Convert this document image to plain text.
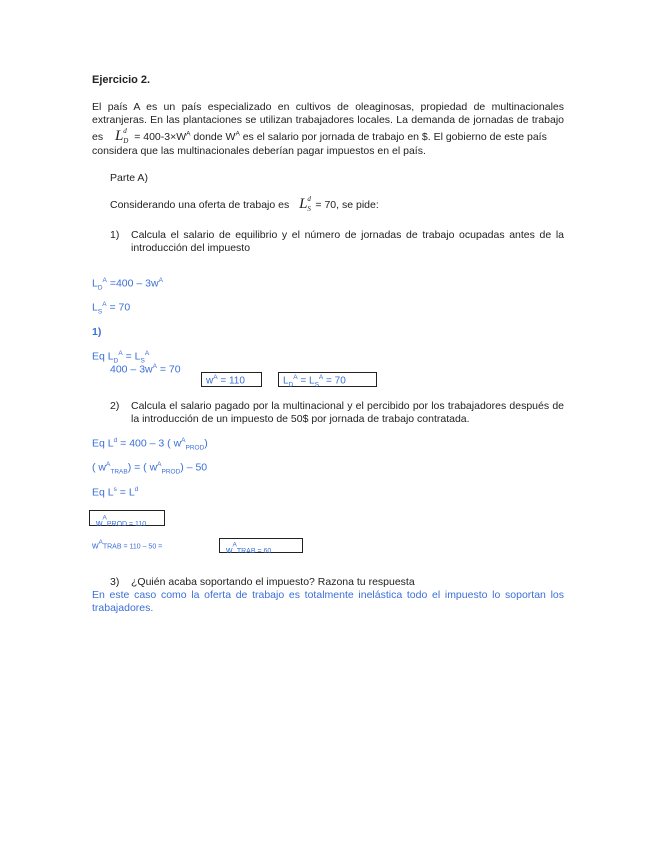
Ejercicio 2.
El país A es un país especializado en cultivos de oleaginosas, propiedad de multinacionales
extranjeras. En las plantaciones se utilizan trabajadores locales. La demanda de jornadas de trabajo
es L d
$D = 400-3\times W^A$ donde $W^A$ es el salario por jornada de trabajo en $. El gobierno de este país
considera que las multinacionales deberían pagar impuestos en el país.
Parte A)
Considerando una oferta de trabajo es L d
S = 70, se pide:
1) Calcula el salario de equilibrio y el número de jornadas de trabajo ocupadas antes de la
introducción del impuesto
$L_D^A =400 - 3w^A$
$L_S^A = 70$
1)
Eq $L_D^A = L_S^A$
$400 - 3w^A = 70$
$w^A = 110$	$L_D^A = L_S^A = 70$
2) Calcula el salario pagado por la multinacional y el percibido por los trabajadores después de
la introducción de un impuesto de 50$ por jornada de trabajo contratada.
Eq $L^d = 400 - 3$ ( $w^A_{PROD}$)
( $w^A_{TRAB}$) = ( $w^A_{PROD}) - 50$
Eq $L^s = L^d$
$w^APROD = 110$
$w^ATRAB = 110 - 50$ =	$w^ATRAB = 60$
3) ¿Quién acaba soportando el impuesto? Razona tu respuesta
En este caso como la oferta de trabajo es totalmente inelástica todo el impuesto lo soportan los
trabajadores.
